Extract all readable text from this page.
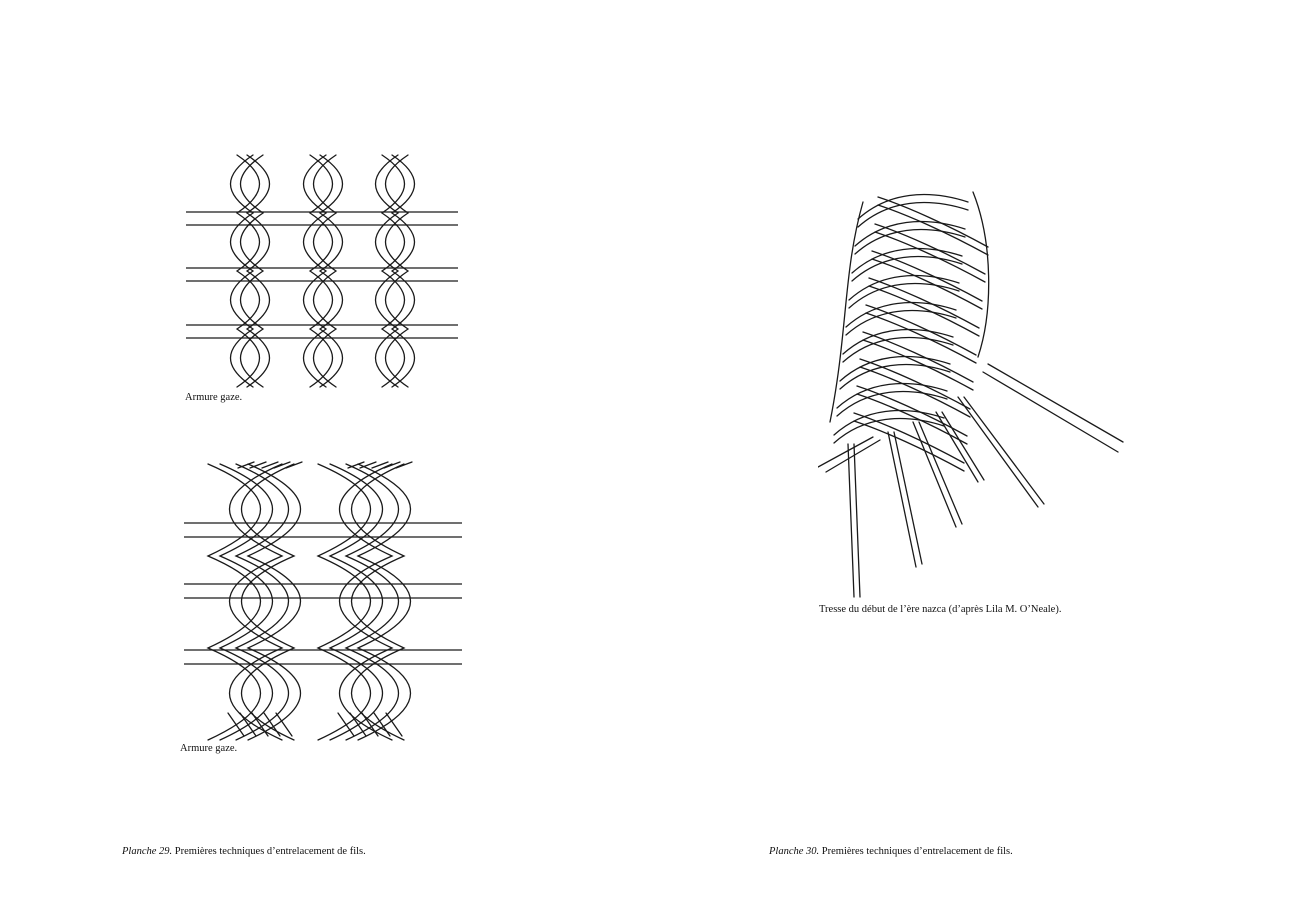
Armure gaze.
Armure gaze.
Planche 29. Premières techniques d’entrelacement de fils.
Tresse du début de l’ère nazca (d’après Lila M. O’Neale).
Planche 30. Premières techniques d’entrelacement de fils.
